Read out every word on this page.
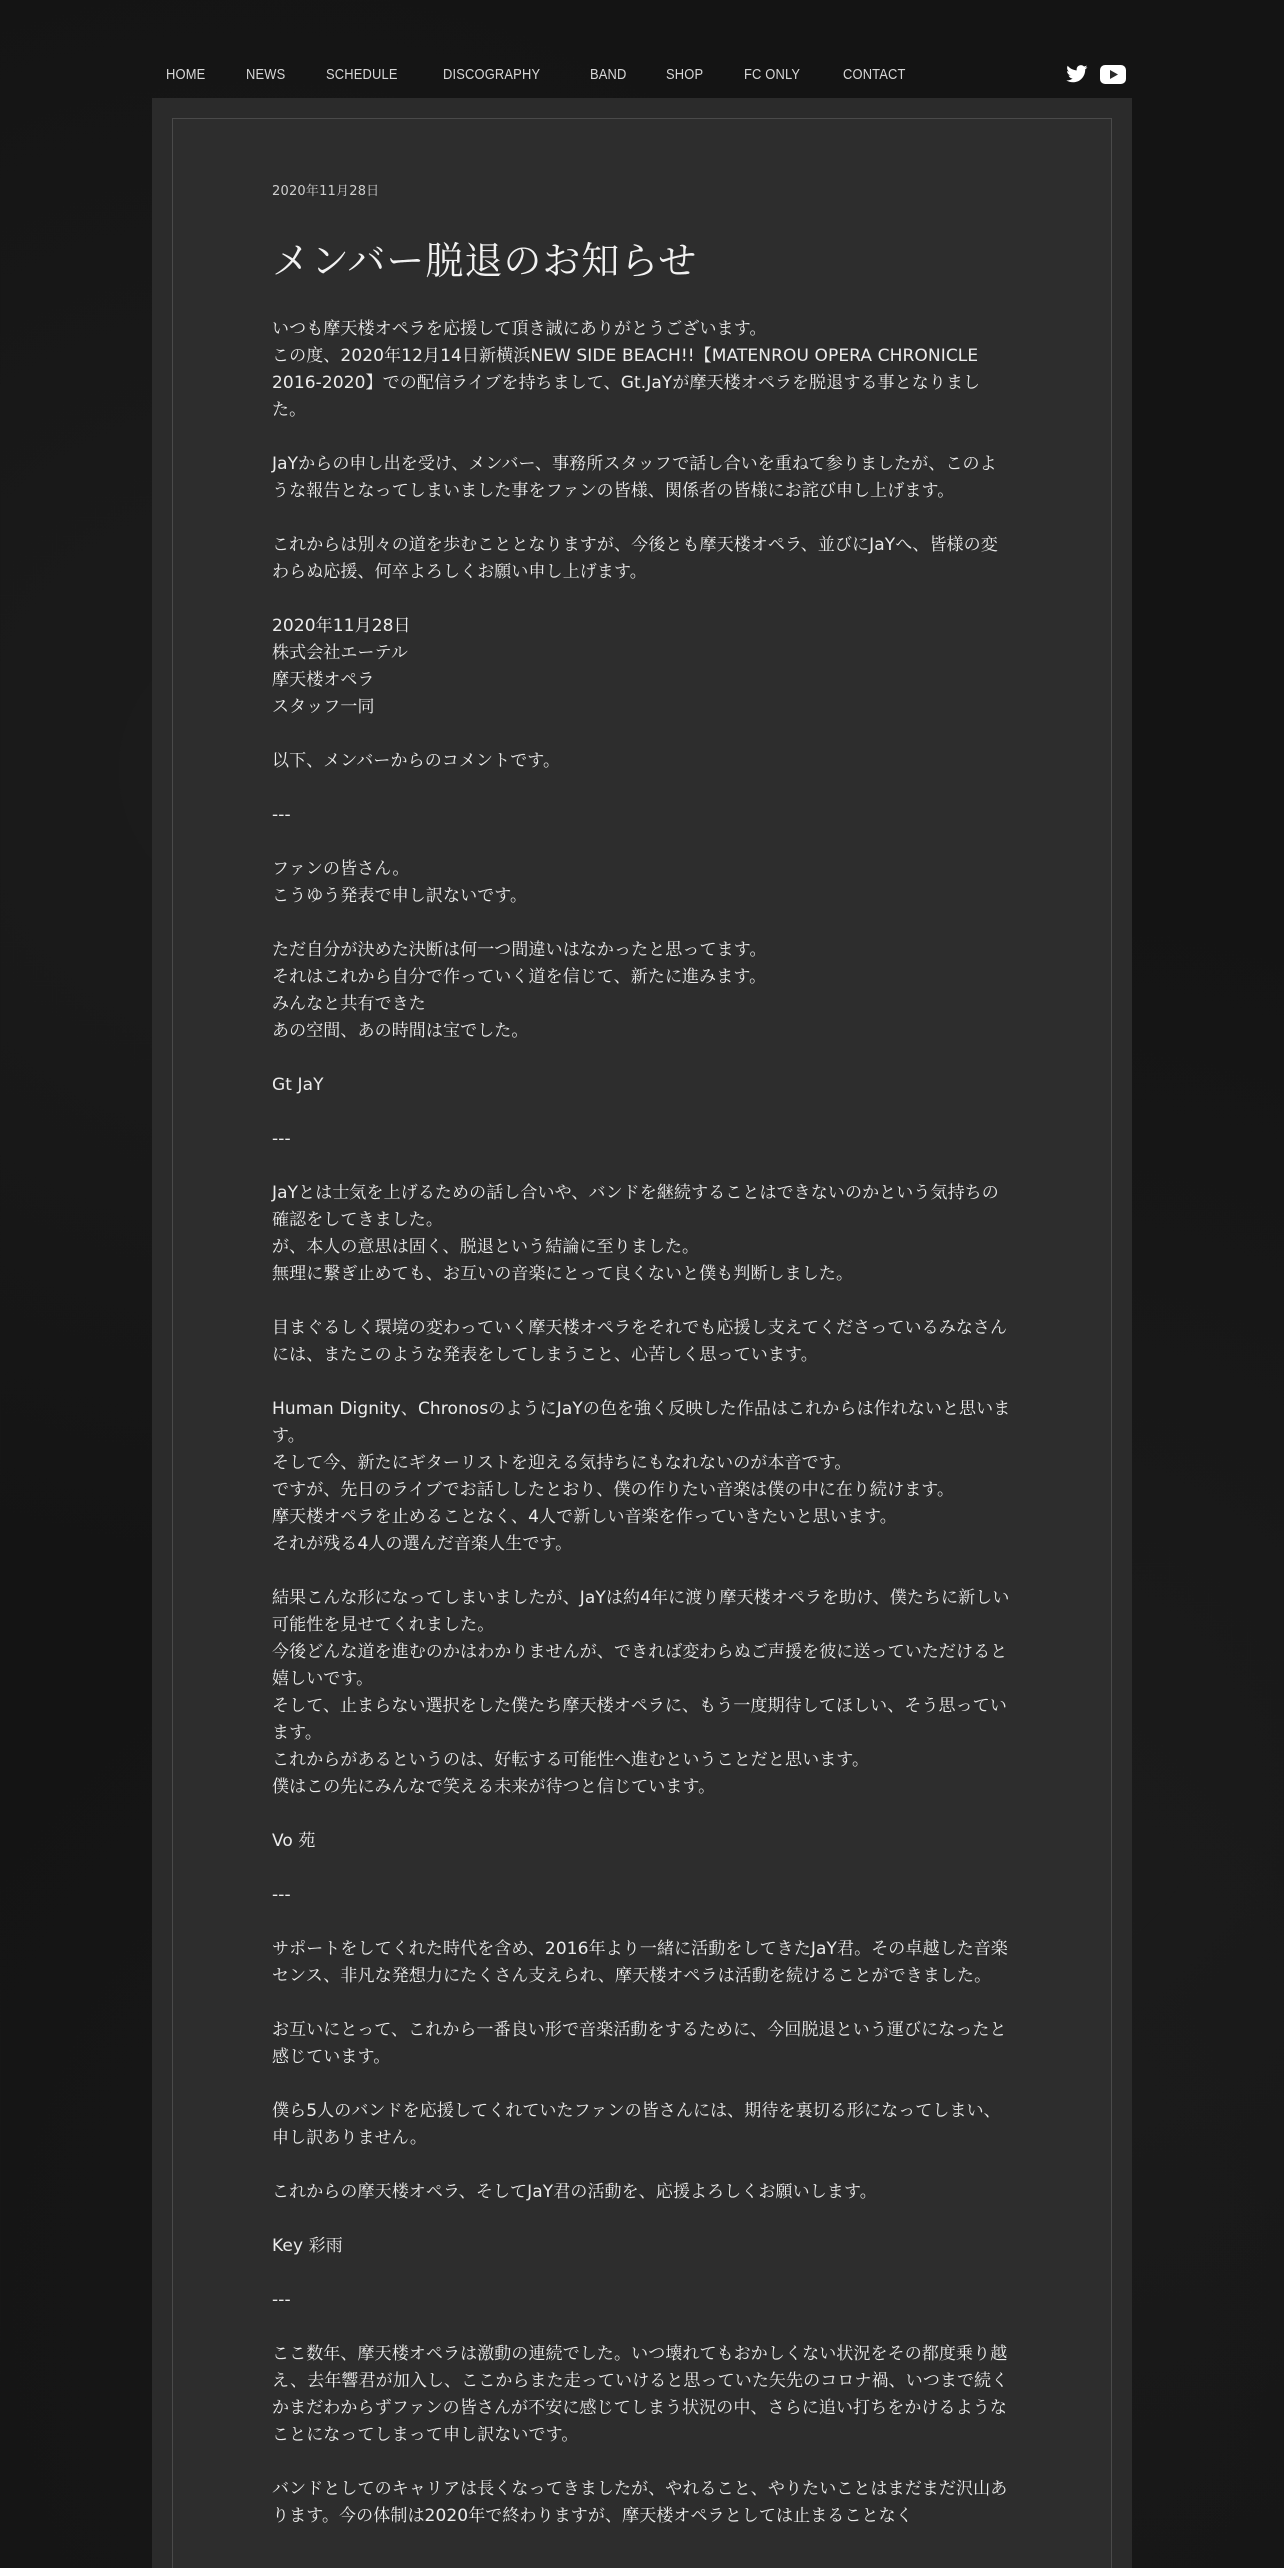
HOME	NEWS	SCHEDULE	DISCOGRAPHY	BAND	SHOP	FC ONLY	CONTACT
2020年11月28日
メンバー脱退のお知らせ

いつも摩天楼オペラを応援して頂き誠にありがとうございます。
この度、2020年12月14日新横浜NEW SIDE BEACH!!【MATENROU OPERA CHRONICLE 2016-2020】での配信ライブを持ちまして、Gt.JaYが摩天楼オペラを脱退する事となりました。

JaYからの申し出を受け、メンバー、事務所スタッフで話し合いを重ねて参りましたが、このような報告となってしまいました事をファンの皆様、関係者の皆様にお詫び申し上げます。

これからは別々の道を歩むこととなりますが、今後とも摩天楼オペラ、並びにJaYへ、皆様の変わらぬ応援、何卒よろしくお願い申し上げます。

2020年11月28日
株式会社エーテル
摩天楼オペラ
スタッフ一同

以下、メンバーからのコメントです。

---

ファンの皆さん。
こうゆう発表で申し訳ないです。

ただ自分が決めた決断は何一つ間違いはなかったと思ってます。
それはこれから自分で作っていく道を信じて、新たに進みます。
みんなと共有できた
あの空間、あの時間は宝でした。

Gt JaY

---

JaYとは士気を上げるための話し合いや、バンドを継続することはできないのかという気持ちの確認をしてきました。
が、本人の意思は固く、脱退という結論に至りました。
無理に繋ぎ止めても、お互いの音楽にとって良くないと僕も判断しました。

目まぐるしく環境の変わっていく摩天楼オペラをそれでも応援し支えてくださっているみなさんには、またこのような発表をしてしまうこと、心苦しく思っています。

Human Dignity、ChronosのようにJaYの色を強く反映した作品はこれからは作れないと思います。
そして今、新たにギターリストを迎える気持ちにもなれないのが本音です。
ですが、先日のライブでお話ししたとおり、僕の作りたい音楽は僕の中に在り続けます。
摩天楼オペラを止めることなく、4人で新しい音楽を作っていきたいと思います。
それが残る4人の選んだ音楽人生です。

結果こんな形になってしまいましたが、JaYは約4年に渡り摩天楼オペラを助け、僕たちに新しい可能性を見せてくれました。
今後どんな道を進むのかはわかりませんが、できれば変わらぬご声援を彼に送っていただけると嬉しいです。
そして、止まらない選択をした僕たち摩天楼オペラに、もう一度期待してほしい、そう思っています。
これからがあるというのは、好転する可能性へ進むということだと思います。
僕はこの先にみんなで笑える未来が待つと信じています。

Vo 苑

---

サポートをしてくれた時代を含め、2016年より一緒に活動をしてきたJaY君。その卓越した音楽センス、非凡な発想力にたくさん支えられ、摩天楼オペラは活動を続けることができました。

お互いにとって、これから一番良い形で音楽活動をするために、今回脱退という運びになったと感じています。

僕ら5人のバンドを応援してくれていたファンの皆さんには、期待を裏切る形になってしまい、申し訳ありません。

これからの摩天楼オペラ、そしてJaY君の活動を、応援よろしくお願いします。

Key 彩雨

---

ここ数年、摩天楼オペラは激動の連続でした。いつ壊れてもおかしくない状況をその都度乗り越え、去年響君が加入し、ここからまた走っていけると思っていた矢先のコロナ禍、いつまで続くかまだわからずファンの皆さんが不安に感じてしまう状況の中、さらに追い打ちをかけるようなことになってしまって申し訳ないです。

バンドとしてのキャリアは長くなってきましたが、やれること、やりたいことはまだまだ沢山あります。今の体制は2020年で終わりますが、摩天楼オペラとしては止まることなく
